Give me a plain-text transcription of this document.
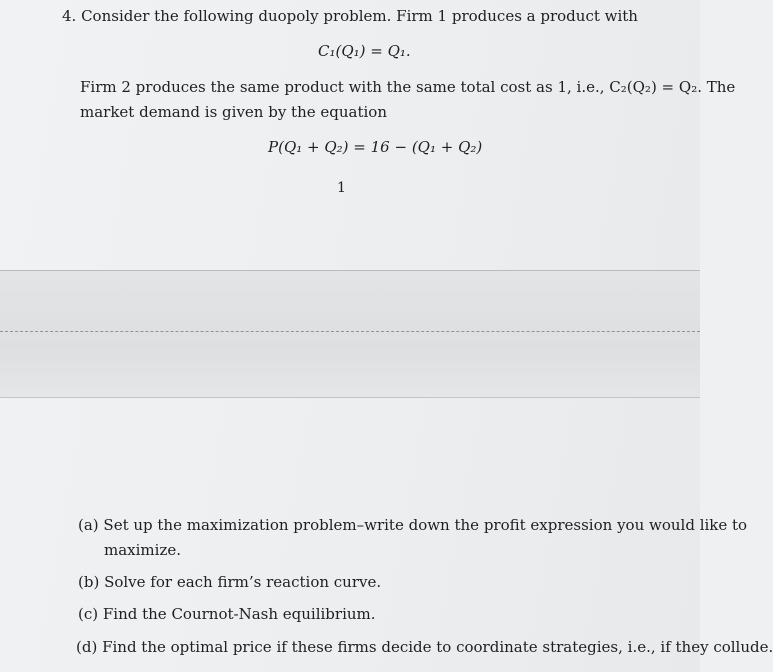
4. Consider the following duopoly problem. Firm 1 produces a product with
C₁(Q₁) = Q₁.
Firm 2 produces the same product with the same total cost as 1, i.e., C₂(Q₂) = Q₂. The
market demand is given by the equation
P(Q₁ + Q₂) = 16 − (Q₁ + Q₂)
1
(a) Set up the maximization problem–write down the profit expression you would like to
maximize.
(b) Solve for each firm’s reaction curve.
(c) Find the Cournot-Nash equilibrium.
(d) Find the optimal price if these firms decide to coordinate strategies, i.e., if they collude.
